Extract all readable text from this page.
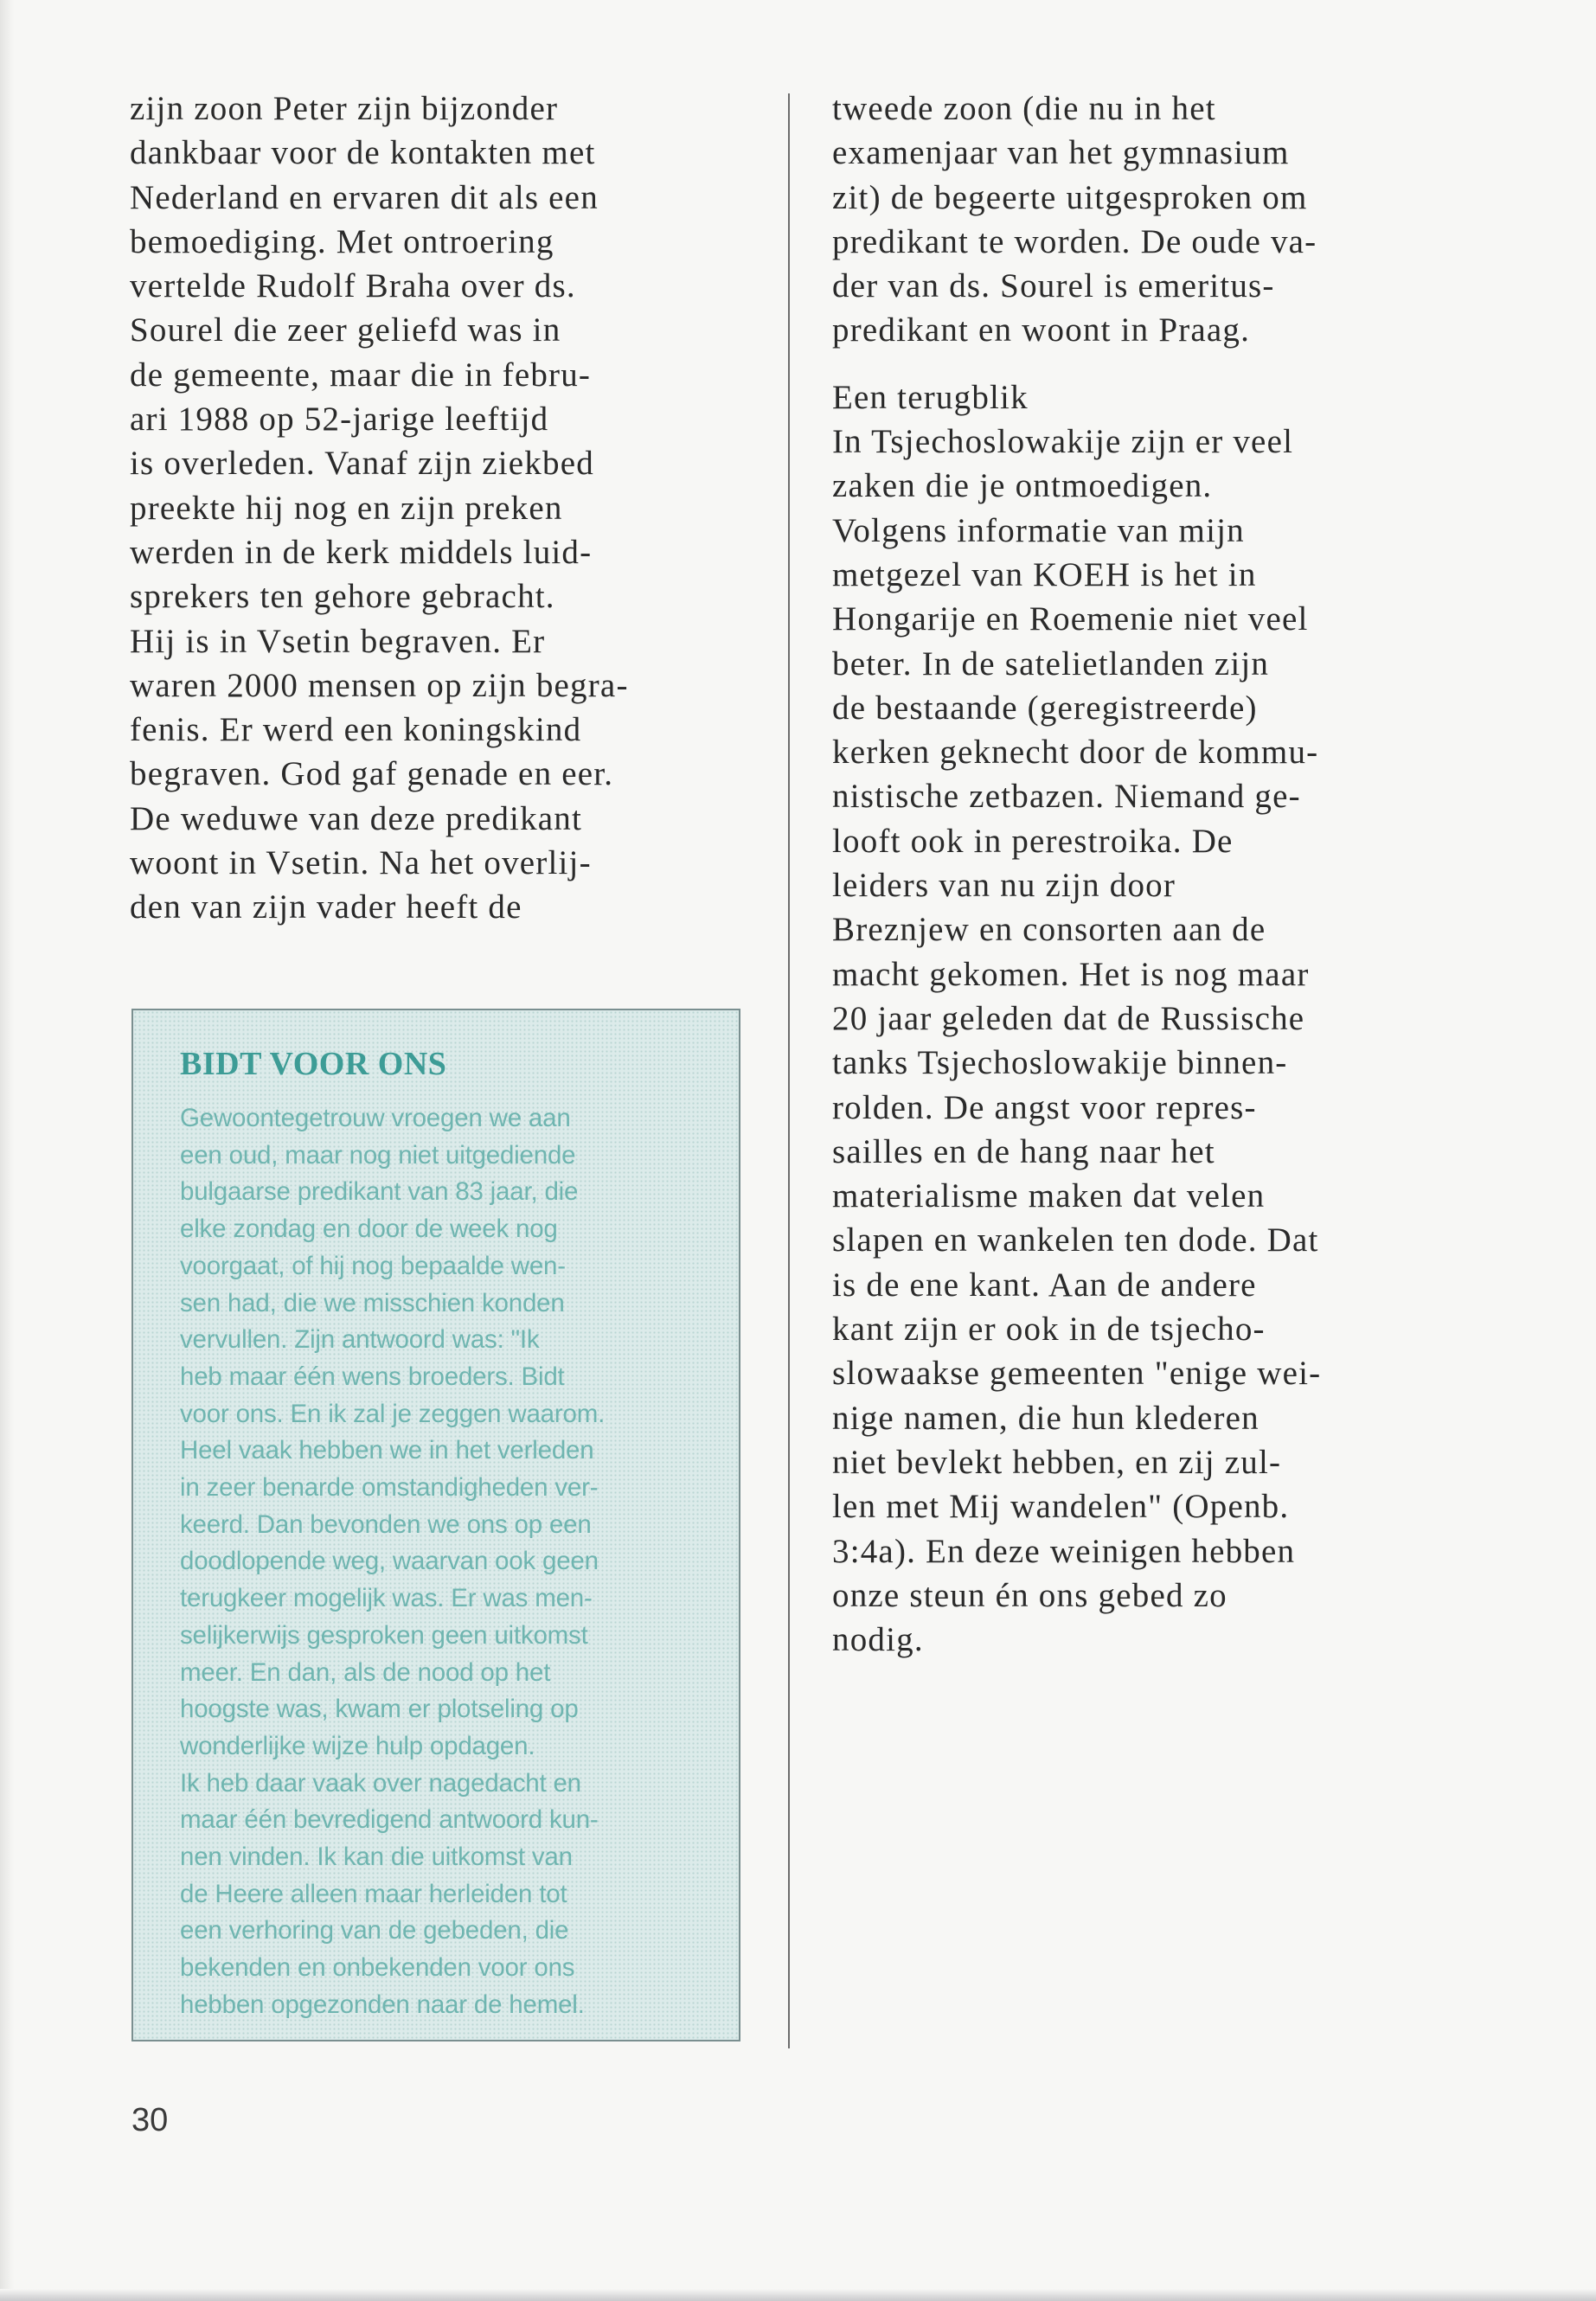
zijn zoon Peter zijn bijzonder
dankbaar voor de kontakten met
Nederland en ervaren dit als een
bemoediging. Met ontroering
vertelde Rudolf Braha over ds.
Sourel die zeer geliefd was in
de gemeente, maar die in febru-
ari 1988 op 52-jarige leeftijd
is overleden. Vanaf zijn ziekbed
preekte hij nog en zijn preken
werden in de kerk middels luid-
sprekers ten gehore gebracht.
Hij is in Vsetin begraven. Er
waren 2000 mensen op zijn begra-
fenis. Er werd een koningskind
begraven. God gaf genade en eer.
De weduwe van deze predikant
woont in Vsetin. Na het overlij-
den van zijn vader heeft de
tweede zoon (die nu in het
examenjaar van het gymnasium
zit) de begeerte uitgesproken om
predikant te worden. De oude va-
der van ds. Sourel is emeritus-
predikant en woont in Praag.
Een terugblik
In Tsjechoslowakije zijn er veel
zaken die je ontmoedigen.
Volgens informatie van mijn
metgezel van KOEH is het in
Hongarije en Roemenie niet veel
beter. In de satelietlanden zijn
de bestaande (geregistreerde)
kerken geknecht door de kommu-
nistische zetbazen. Niemand ge-
looft ook in perestroika. De
leiders van nu zijn door
Breznjew en consorten aan de
macht gekomen. Het is nog maar
20 jaar geleden dat de Russische
tanks Tsjechoslowakije binnen-
rolden. De angst voor repres-
sailles en de hang naar het
materialisme maken dat velen
slapen en wankelen ten dode. Dat
is de ene kant. Aan de andere
kant zijn er ook in de tsjecho-
slowaakse gemeenten "enige wei-
nige namen, die hun klederen
niet bevlekt hebben, en zij zul-
len met Mij wandelen" (Openb.
3:4a). En deze weinigen hebben
onze steun én ons gebed zo
nodig.
BIDT VOOR ONS
Gewoontegetrouw vroegen we aan
een oud, maar nog niet uitgediende
bulgaarse predikant van 83 jaar, die
elke zondag en door de week nog
voorgaat, of hij nog bepaalde wen-
sen had, die we misschien konden
vervullen. Zijn antwoord was: "Ik
heb maar één wens broeders. Bidt
voor ons. En ik zal je zeggen waarom.
Heel vaak hebben we in het verleden
in zeer benarde omstandigheden ver-
keerd. Dan bevonden we ons op een
doodlopende weg, waarvan ook geen
terugkeer mogelijk was. Er was men-
selijkerwijs gesproken geen uitkomst
meer. En dan, als de nood op het
hoogste was, kwam er plotseling op
wonderlijke wijze hulp opdagen.
Ik heb daar vaak over nagedacht en
maar één bevredigend antwoord kun-
nen vinden. Ik kan die uitkomst van
de Heere alleen maar herleiden tot
een verhoring van de gebeden, die
bekenden en onbekenden voor ons
hebben opgezonden naar de hemel.
30
